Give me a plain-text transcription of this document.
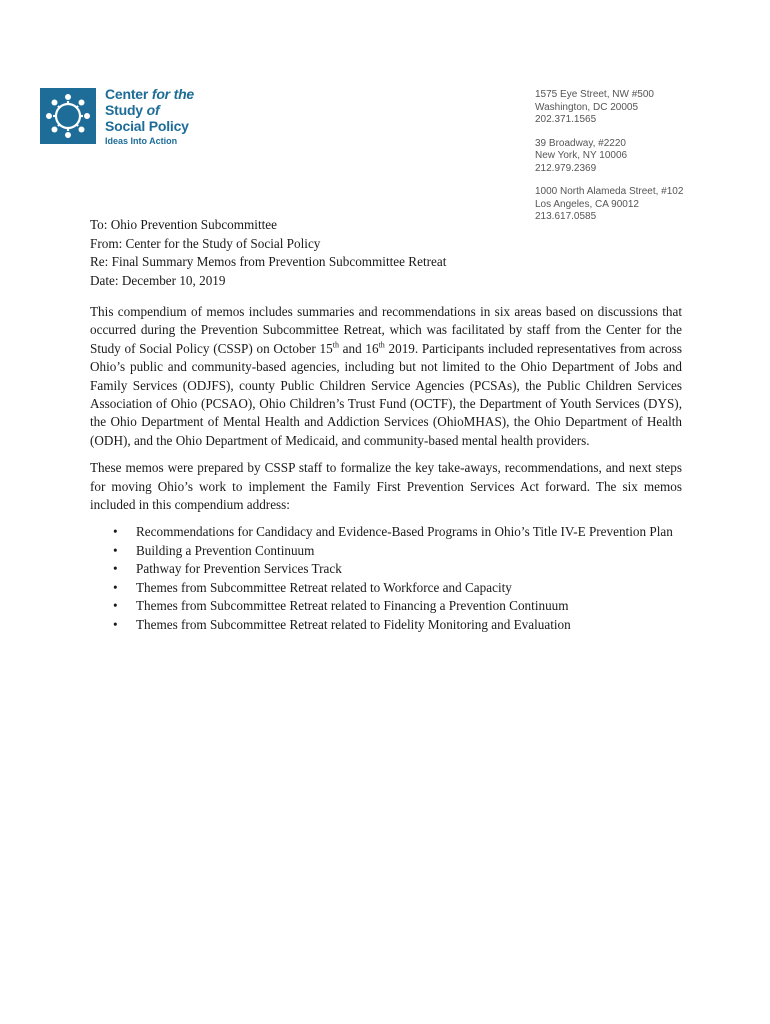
Center for the
Study of
Social Policy
Ideas Into Action
1575 Eye Street, NW #500
Washington, DC 20005
202.371.1565
39 Broadway, #2220
New York, NY 10006
212.979.2369
1000 North Alameda Street, #102
Los Angeles, CA 90012
213.617.0585
To: Ohio Prevention Subcommittee
From: Center for the Study of Social Policy
Re: Final Summary Memos from Prevention Subcommittee Retreat
Date: December 10, 2019

This compendium of memos includes summaries and recommendations in six areas based on discussions that occurred during the Prevention Subcommittee Retreat, which was facilitated by staff from the Center for the Study of Social Policy (CSSP) on October 15th and 16th 2019. Participants included representatives from across Ohio’s public and community-based agencies, including but not limited to the Ohio Department of Jobs and Family Services (ODJFS), county Public Children Service Agencies (PCSAs), the Public Children Services Association of Ohio (PCSAO), Ohio Children’s Trust Fund (OCTF), the Department of Youth Services (DYS), the Ohio Department of Mental Health and Addiction Services (OhioMHAS), the Ohio Department of Health (ODH), and the Ohio Department of Medicaid, and community-based mental health providers.

These memos were prepared by CSSP staff to formalize the key take-aways, recommendations, and next steps for moving Ohio’s work to implement the Family First Prevention Services Act forward. The six memos included in this compendium address:

• Recommendations for Candidacy and Evidence-Based Programs in Ohio’s Title IV-E Prevention Plan
• Building a Prevention Continuum
• Pathway for Prevention Services Track
• Themes from Subcommittee Retreat related to Workforce and Capacity
• Themes from Subcommittee Retreat related to Financing a Prevention Continuum
• Themes from Subcommittee Retreat related to Fidelity Monitoring and Evaluation
